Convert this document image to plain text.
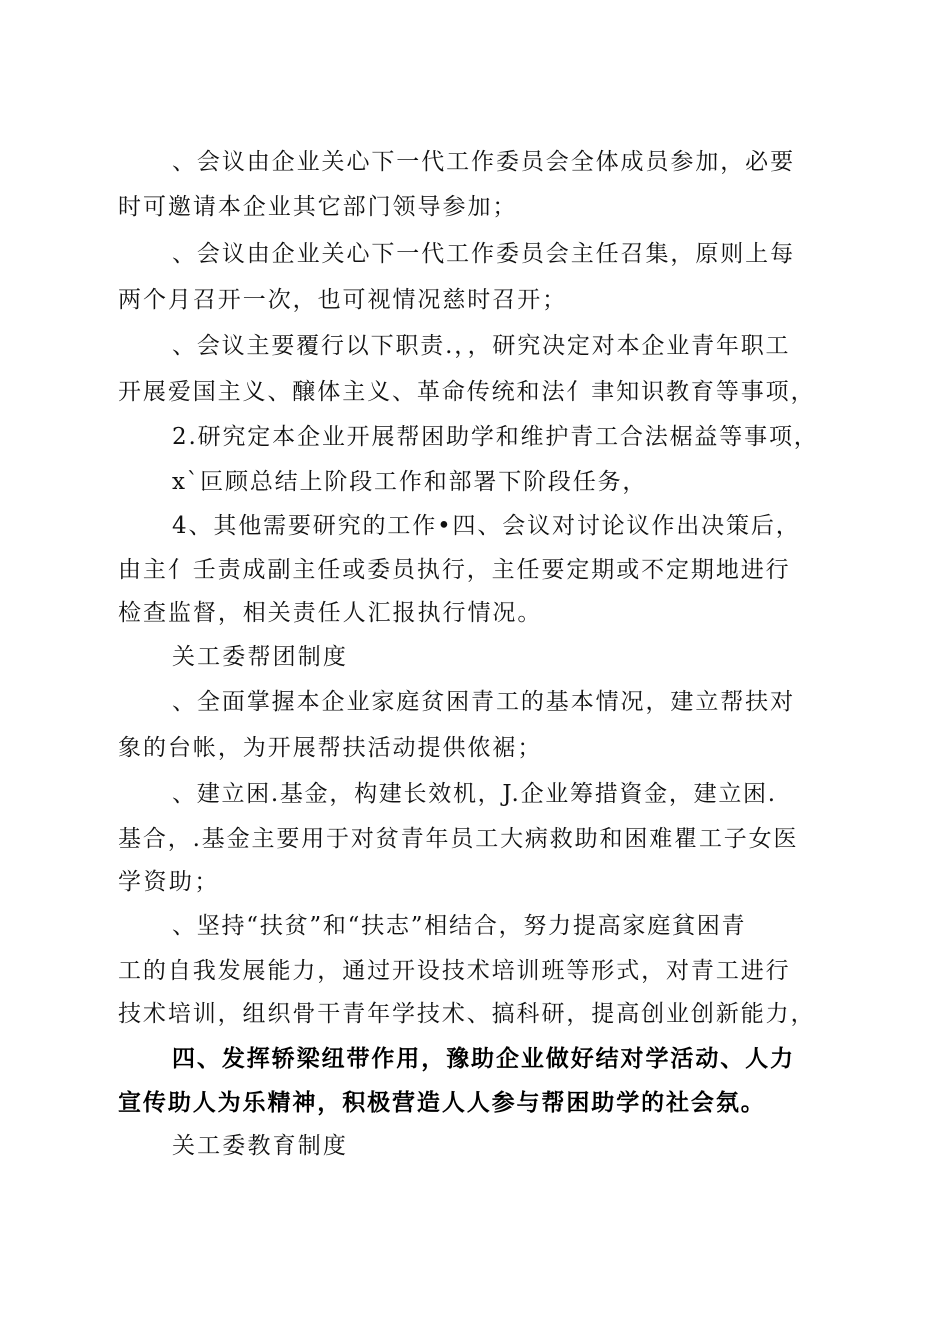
、会议由企业关心下一代工作委员会全体成员参加，必要
时可邀请本企业其它部门领导参加；
、会议由企业关心下一代工作委员会主任召集，原则上每
两个月召开一次，也可视情况慈时召开；
、会议主要覆行以下职责.，，研究决定对本企业青年职工
开展爱国主义、醸体主义、革命传统和法亻聿知识教育等事项，
2.研究定本企业开展帮困助学和维护青工合法椐益等事项，
x`叵顾总结上阶段工作和部署下阶段任务，
4、其他需要研究的工作•四、会议对讨论议作出决策后，
由主亻壬责成副主任或委员执行，主任要定期或不定期地进行
检查监督，相关责任人汇报执行情况。
关工委帮团制度
、全面掌握本企业家庭贫困青工的基本情况，建立帮扶对
象的台帐，为开展帮扶活动提供侬裾；
、建立困.基金，构建长效机，J.企业筹措資金，建立困.
基合，.基金主要用于对贫青年员工大病救助和困难瞿工子女医
学资助；
、坚持“扶贫”和“扶志”相结合，努力提高家庭貧困青
工的自我发展能力，通过开设技术培训班等形式，对青工进行
技术培训，组织骨干青年学技术、搞科研，提高创业创新能力，
四、发挥轿梁纽带作用，豫助企业做好结对学活动、人力
宣传助人为乐精神，积极营造人人参与帮困助学的社会氛。
关工委教育制度
